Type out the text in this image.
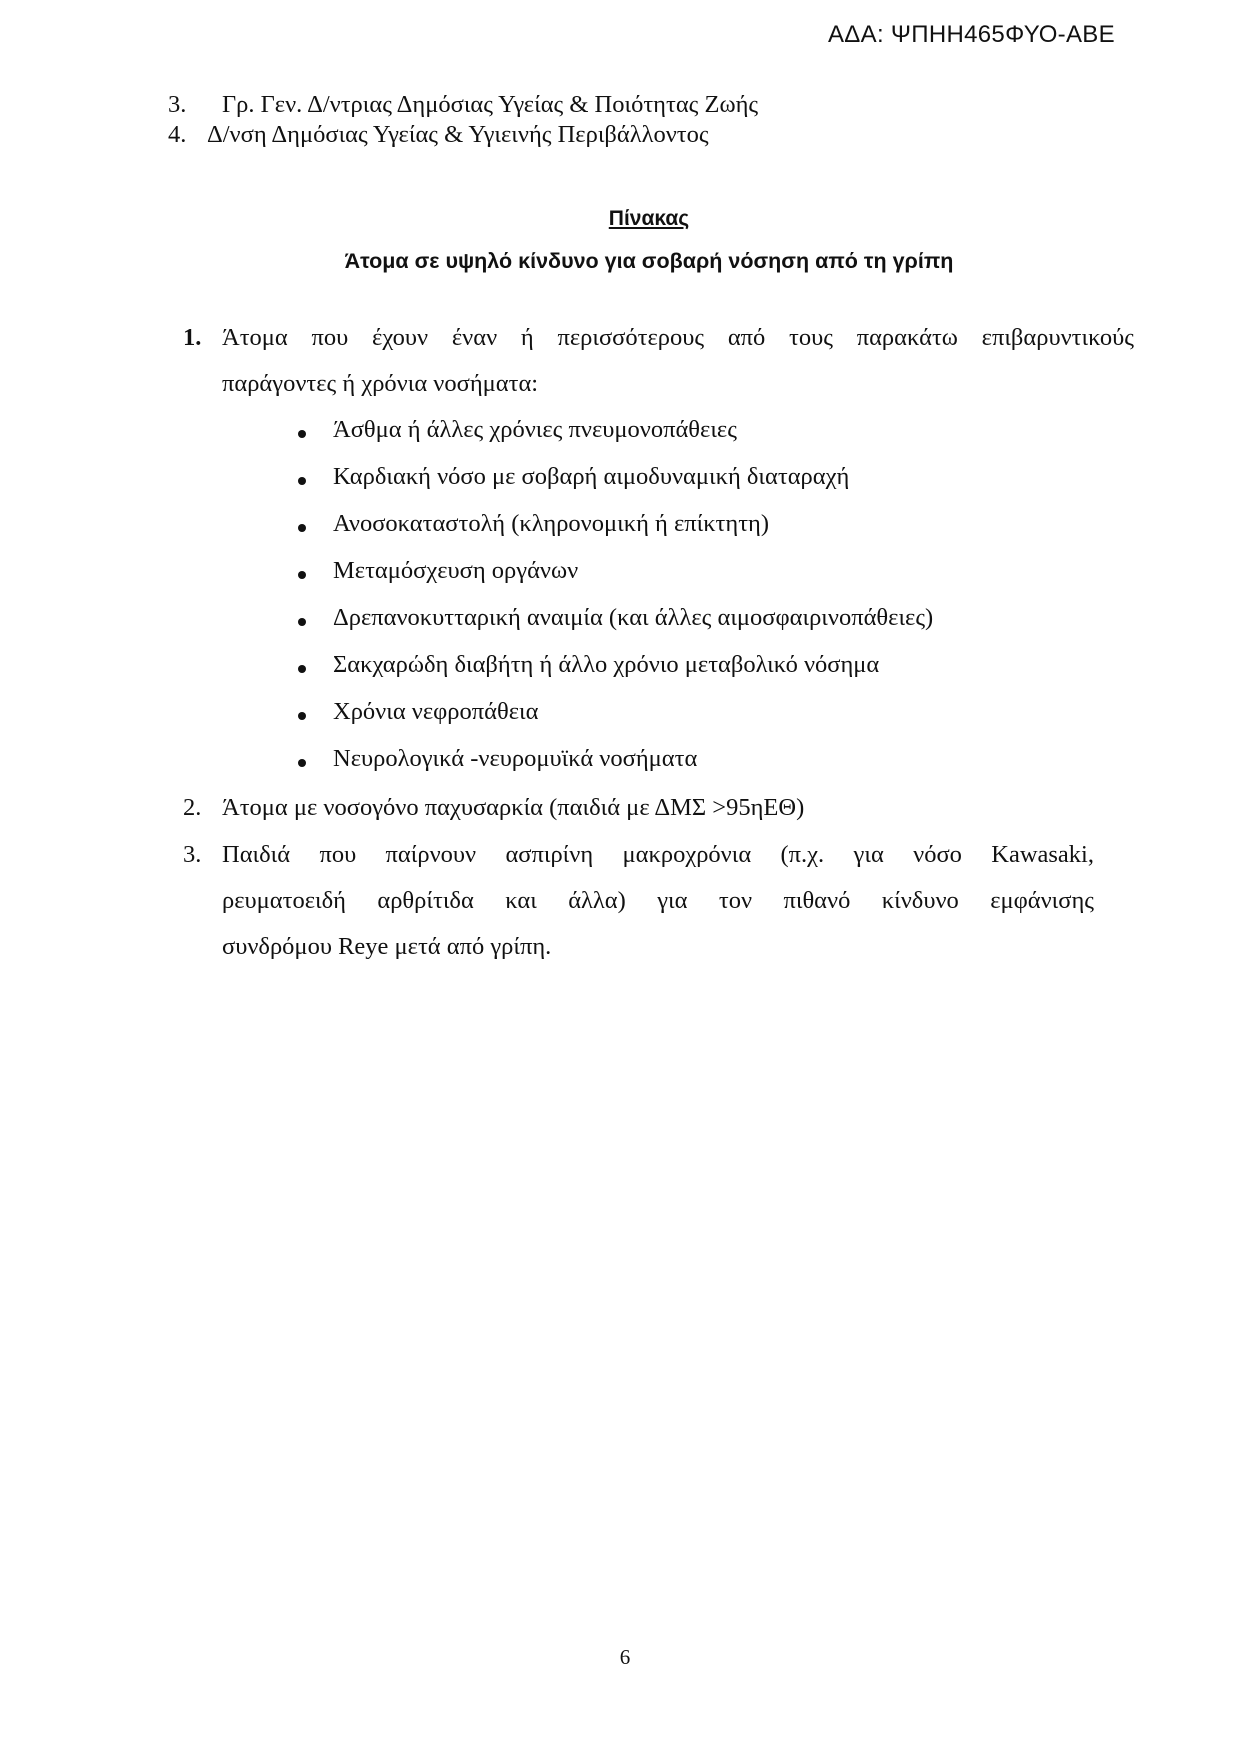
ΑΔΑ: ΨΠΗΗ465ΦΥΟ-ΑΒΕ
3. Γρ. Γεν. Δ/ντριας Δημόσιας Υγείας & Ποιότητας Ζωής
4. Δ/νση Δημόσιας Υγείας & Υγιεινής Περιβάλλοντος
Πίνακας
Άτομα σε υψηλό κίνδυνο για σοβαρή νόσηση από τη γρίπη
1. Άτομα που έχουν έναν ή περισσότερους από τους παρακάτω επιβαρυντικούς
παράγοντες ή χρόνια νοσήματα:
Άσθμα ή άλλες χρόνιες πνευμονοπάθειες
Καρδιακή νόσο με σοβαρή αιμοδυναμική διαταραχή
Ανοσοκαταστολή (κληρονομική ή επίκτητη)
Μεταμόσχευση οργάνων
Δρεπανοκυτταρική αναιμία (και άλλες αιμοσφαιρινοπάθειες)
Σακχαρώδη διαβήτη ή άλλο χρόνιο μεταβολικό νόσημα
Χρόνια νεφροπάθεια
Νευρολογικά -νευρομυϊκά νοσήματα
2. Άτομα με νοσογόνο παχυσαρκία (παιδιά με ΔΜΣ >95ηΕΘ)
3. Παιδιά που παίρνουν ασπιρίνη μακροχρόνια (π.χ. για νόσο Kawasaki,
ρευματοειδή αρθρίτιδα και άλλα) για τον πιθανό κίνδυνο εμφάνισης
συνδρόμου Reye μετά από γρίπη.
6
